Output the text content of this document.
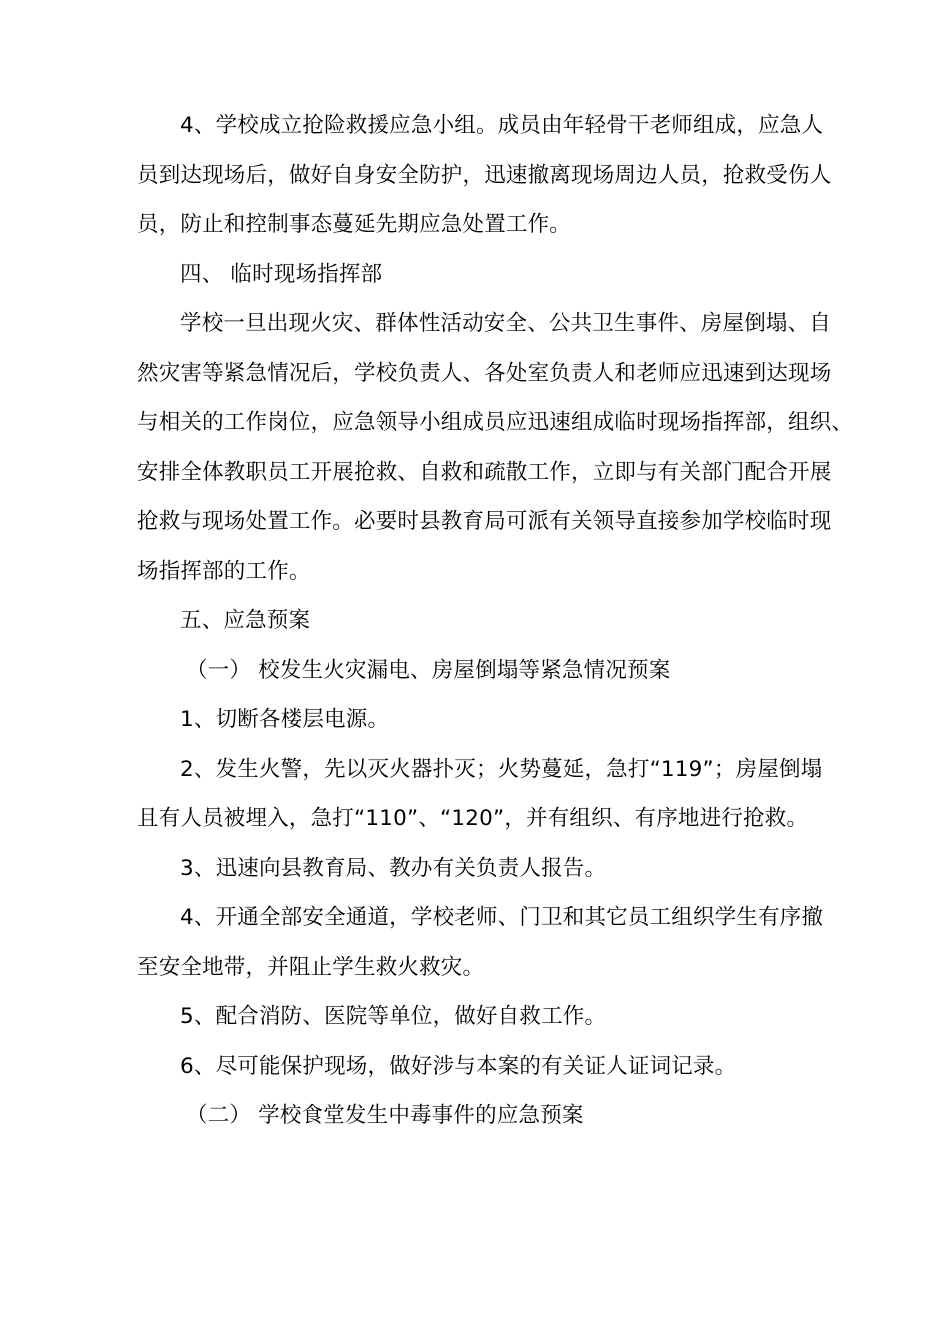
4、学校成立抢险救援应急小组。成员由年轻骨干老师组成，应急人

员到达现场后，做好自身安全防护，迅速撤离现场周边人员，抢救受伤人

员，防止和控制事态蔓延先期应急处置工作。

四、 临时现场指挥部

学校一旦出现火灾、群体性活动安全、公共卫生事件、房屋倒塌、自

然灾害等紧急情况后，学校负责人、各处室负责人和老师应迅速到达现场

与相关的工作岗位，应急领导小组成员应迅速组成临时现场指挥部，组织、

安排全体教职员工开展抢救、自救和疏散工作，立即与有关部门配合开展

抢救与现场处置工作。必要时县教育局可派有关领导直接参加学校临时现

场指挥部的工作。

五、应急预案

（一） 校发生火灾漏电、房屋倒塌等紧急情况预案

1、切断各楼层电源。

2、发生火警，先以灭火器扑灭；火势蔓延，急打“119”；房屋倒塌

且有人员被埋入，急打“110”、“120”，并有组织、有序地进行抢救。

3、迅速向县教育局、教办有关负责人报告。

4、开通全部安全通道，学校老师、门卫和其它员工组织学生有序撤

至安全地带，并阻止学生救火救灾。

5、配合消防、医院等单位，做好自救工作。

6、尽可能保护现场，做好涉与本案的有关证人证词记录。

（二） 学校食堂发生中毒事件的应急预案
